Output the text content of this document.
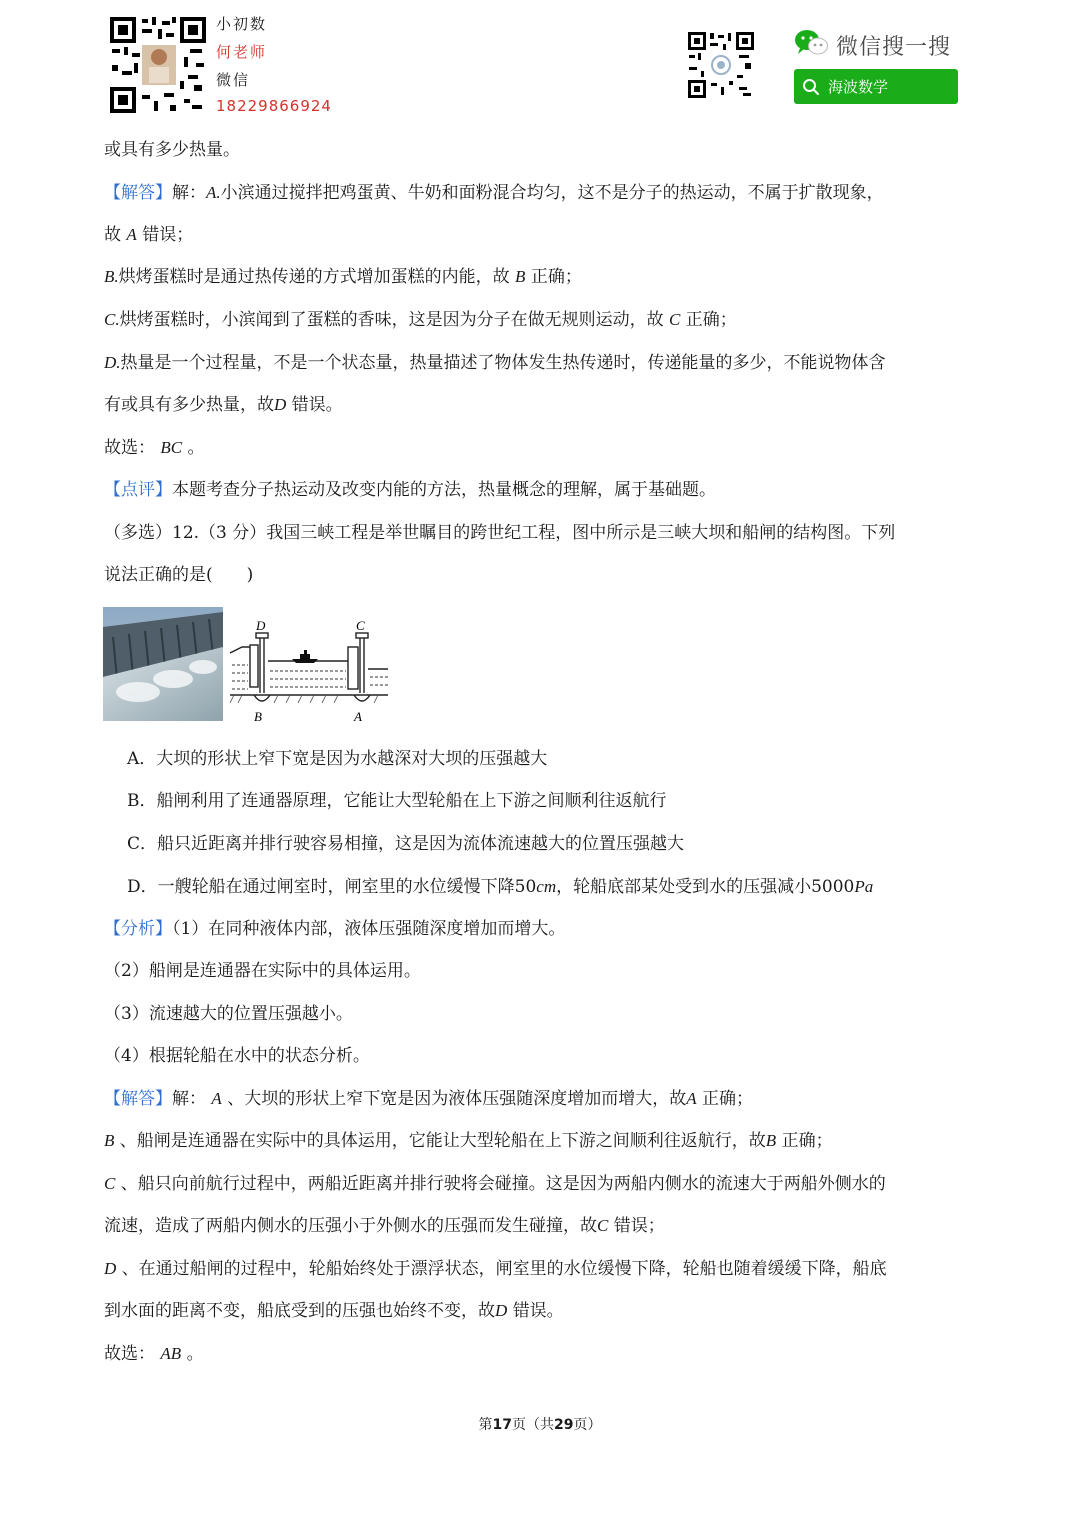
小初数
何老师
微信
18229866924
微信搜一搜
海波数学
或具有多少热量。
【解答】解：A.小滨通过搅拌把鸡蛋黄、牛奶和面粉混合均匀，这不是分子的热运动，不属于扩散现象，
故 A 错误；
B.烘烤蛋糕时是通过热传递的方式增加蛋糕的内能，故 B 正确；
C.烘烤蛋糕时，小滨闻到了蛋糕的香味，这是因为分子在做无规则运动，故 C 正确；
D.热量是一个过程量，不是一个状态量，热量描述了物体发生热传递时，传递能量的多少，不能说物体含
有或具有多少热量，故D 错误。
故选： BC 。
【点评】本题考查分子热运动及改变内能的方法，热量概念的理解，属于基础题。
（多选）12.（3 分）我国三峡工程是举世瞩目的跨世纪工程，图中所示是三峡大坝和船闸的结构图。下列
说法正确的是(　　)
D	C
B	A
A．大坝的形状上窄下宽是因为水越深对大坝的压强越大
B．船闸利用了连通器原理，它能让大型轮船在上下游之间顺利往返航行
C．船只近距离并排行驶容易相撞，这是因为流体流速越大的位置压强越大
D．一艘轮船在通过闸室时，闸室里的水位缓慢下降50cm，轮船底部某处受到水的压强减小5000Pa
【分析】（1）在同种液体内部，液体压强随深度增加而增大。
（2）船闸是连通器在实际中的具体运用。
（3）流速越大的位置压强越小。
（4）根据轮船在水中的状态分析。
【解答】解： A 、大坝的形状上窄下宽是因为液体压强随深度增加而增大，故A 正确；
B 、船闸是连通器在实际中的具体运用，它能让大型轮船在上下游之间顺利往返航行，故B 正确；
C 、船只向前航行过程中，两船近距离并排行驶将会碰撞。这是因为两船内侧水的流速大于两船外侧水的
流速，造成了两船内侧水的压强小于外侧水的压强而发生碰撞，故C 错误；
D 、在通过船闸的过程中，轮船始终处于漂浮状态，闸室里的水位缓慢下降，轮船也随着缓缓下降，船底
到水面的距离不变，船底受到的压强也始终不变，故D 错误。
故选： AB 。
第17页（共29页）
